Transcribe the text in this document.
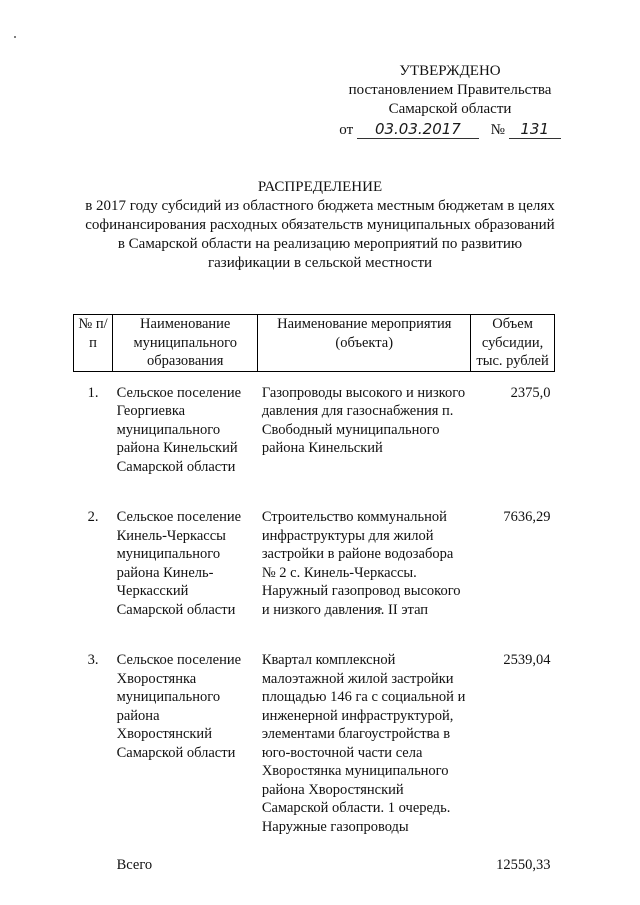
УТВЕРЖДЕНО
постановлением Правительства
Самарской области
от 03.03.2017 № 131
РАСПРЕДЕЛЕНИЕ
в 2017 году субсидий из областного бюджета местным бюджетам в целях
софинансирования расходных обязательств муниципальных образований
в Самарской области на реализацию мероприятий по развитию
газификации в сельской местности
№ п/п	Наименование муниципального образования	Наименование мероприятия (объекта)	Объем субсидии, тыс. рублей
1.	Сельское поселение Георгиевка муниципального района Кинельский Самарской области	Газопроводы высокого и низкого давления для газоснабжения п. Свободный муниципального района Кинельский	2375,0
2.	Сельское поселение Кинель-Черкассы муниципального района Кинель-Черкасский Самарской области	Строительство коммунальной инфраструктуры для жилой застройки в районе водозабора № 2 с. Кинель-Черкассы. Наружный газопровод высокого и низкого давления. II этап	7636,29
3.	Сельское поселение Хворостянка муниципального района Хворостянский Самарской области	Квартал комплексной малоэтажной жилой застройки площадью 146 га с социальной и инженерной инфраструктурой, элементами благоустройства в юго-восточной части села Хворостянка муниципального района Хворостянский Самарской области. 1 очередь. Наружные газопроводы	2539,04
	Всего		12550,33
